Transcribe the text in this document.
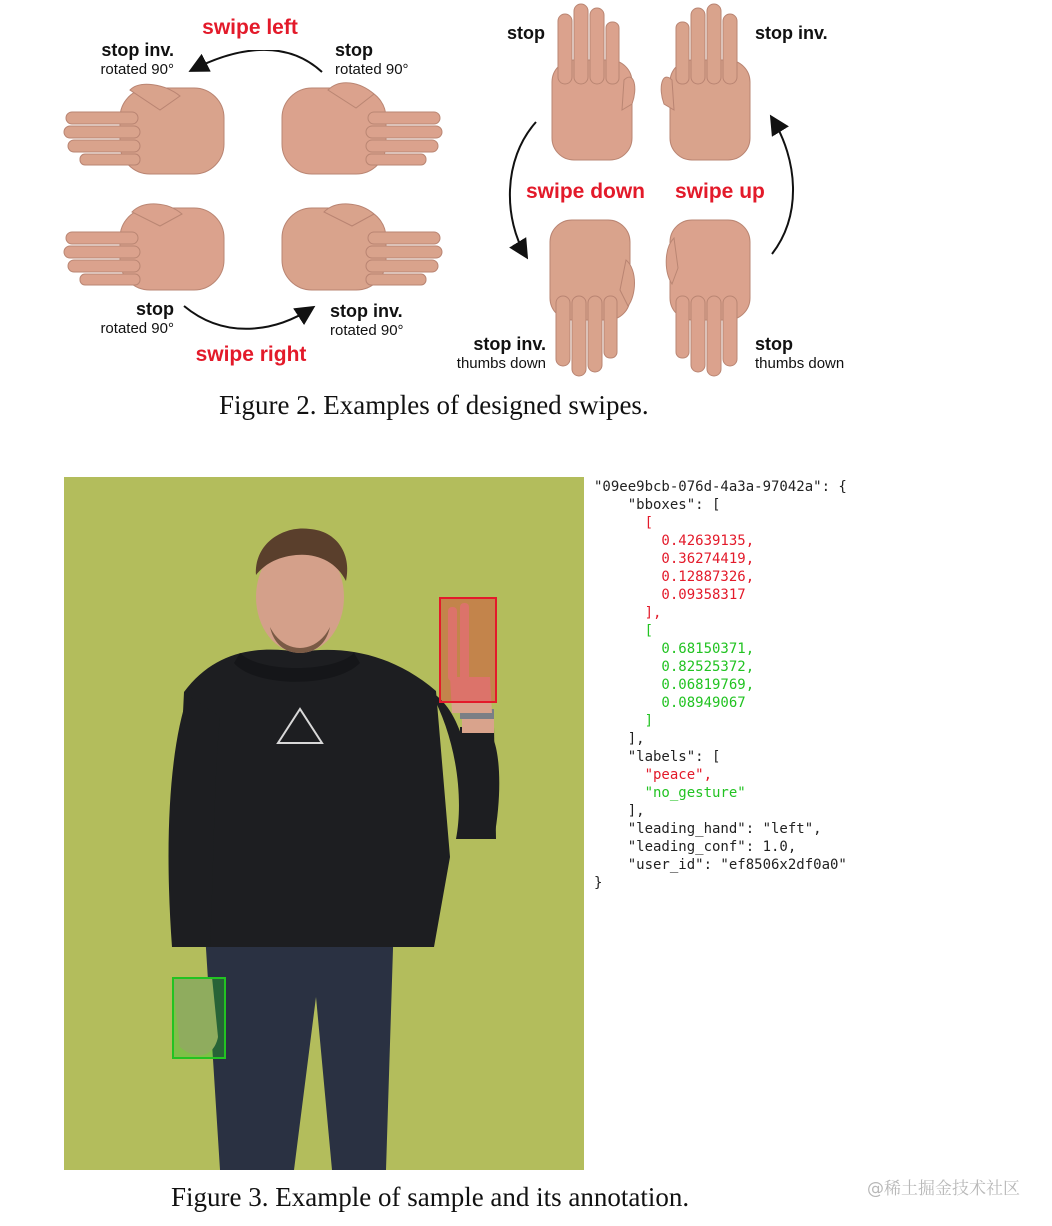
swipe left
stop inv.
rotated 90°
stop
rotated 90°
stop
rotated 90°
stop inv.
rotated 90°
swipe right
stop	stop inv.
swipe down swipe up
stop inv.
thumbs down
stop
thumbs down
Figure 2. Examples of designed swipes.
"09ee9bcb-076d-4a3a-97042a": {
"bboxes": [
[
0.42639135,
0.36274419,
0.12887326,
0.09358317
],
[
0.68150371,
0.82525372,
0.06819769,
0.08949067
]
],
"labels": [
"peace",
"no_gesture"
],
"leading_hand": "left",
"leading_conf": 1.0,
"user_id": "ef8506x2df0a0"
}
Figure 3. Example of sample and its annotation.	@稀土掘金技术社区
